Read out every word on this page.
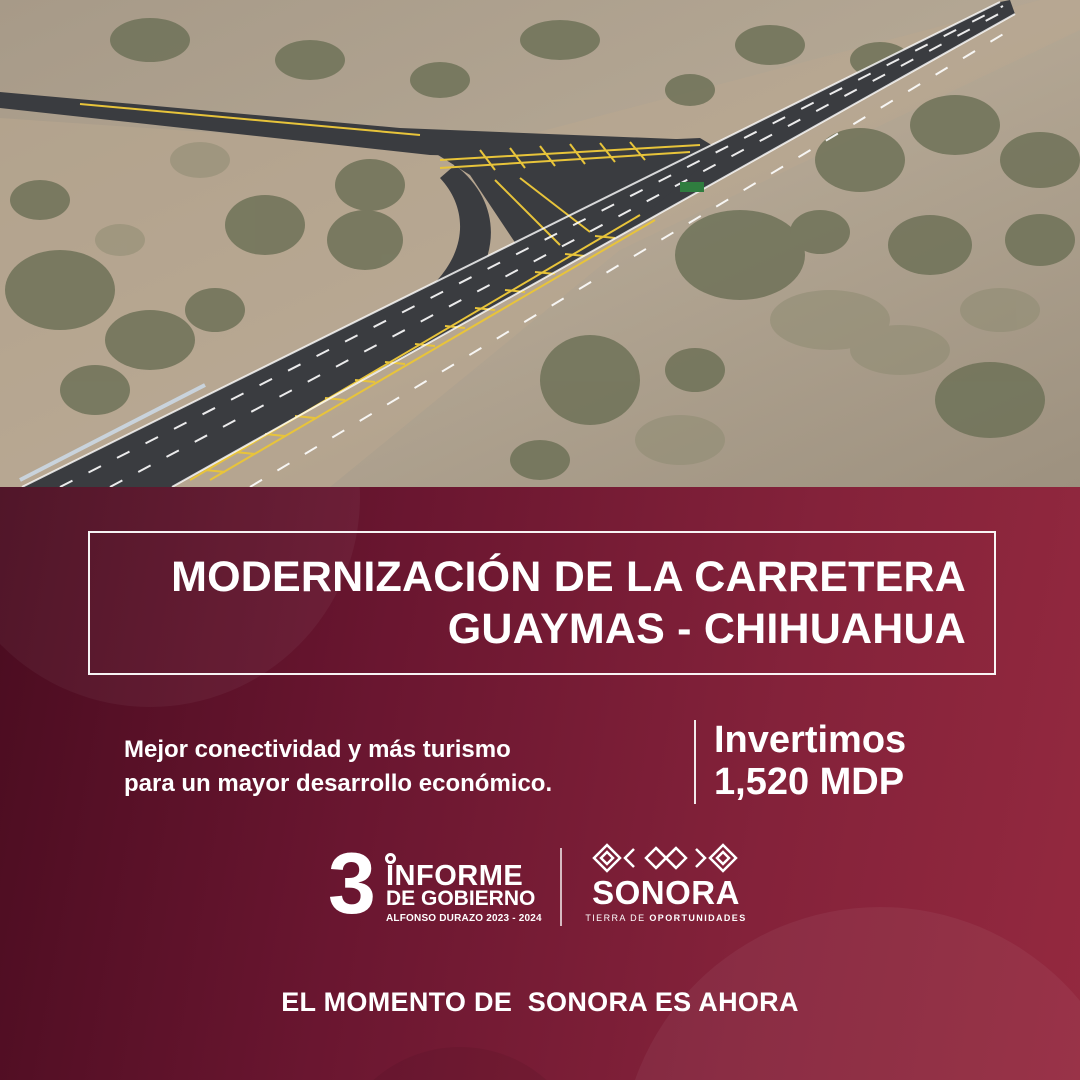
MODERNIZACIÓN DE LA CARRETERA
GUAYMAS - CHIHUAHUA
Mejor conectividad y más turismo
para un mayor desarrollo económico.
Invertimos
1,520 MDP
3 INFORME
DE GOBIERNO
ALFONSO DURAZO 2023 - 2024
SONORA
TIERRA DE OPORTUNIDADES
EL MOMENTO DE  SONORA ES AHORA
